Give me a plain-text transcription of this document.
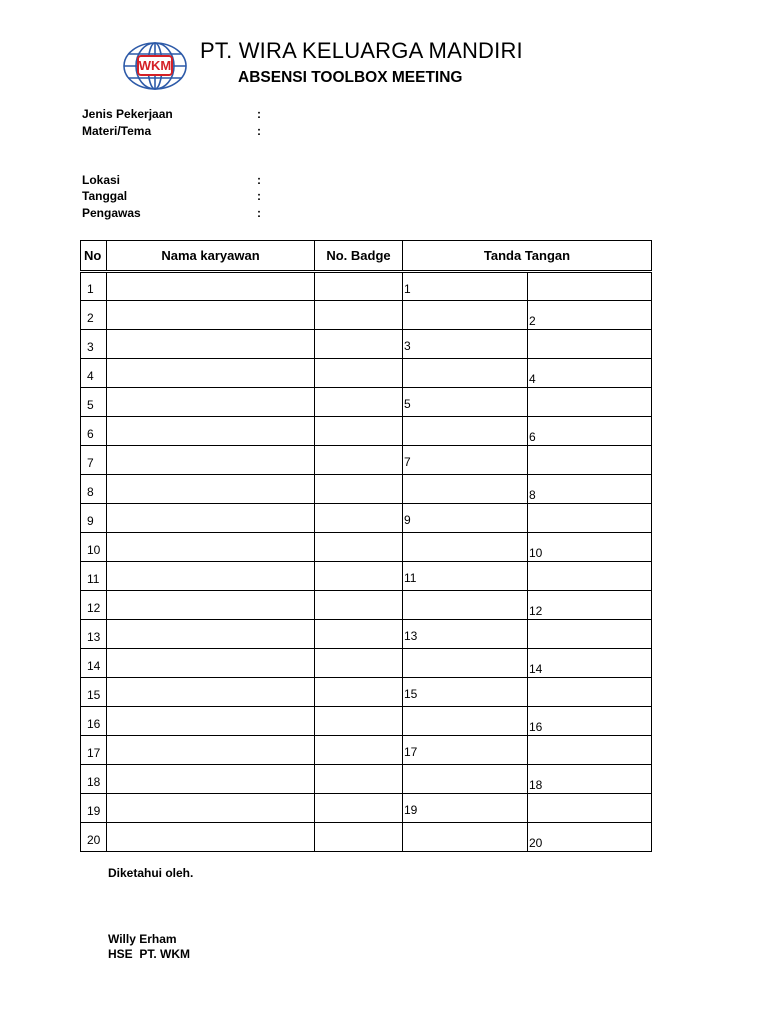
WKM
PT. WIRA KELUARGA MANDIRI
ABSENSI TOOLBOX MEETING
Jenis Pekerjaan	:
Materi/Tema	:
Lokasi	:
Tanggal	:
Pengawas	:
No	Nama karyawan	No. Badge	Tanda Tangan	
1			1	
2				2
3			3	
4				4
5			5	
6				6
7			7	
8				8
9			9	
10				10
11			11	
12				12
13			13	
14				14
15			15	
16				16
17			17	
18				18
19			19	
20				20
Diketahui oleh.
Willy Erham
HSE  PT. WKM
